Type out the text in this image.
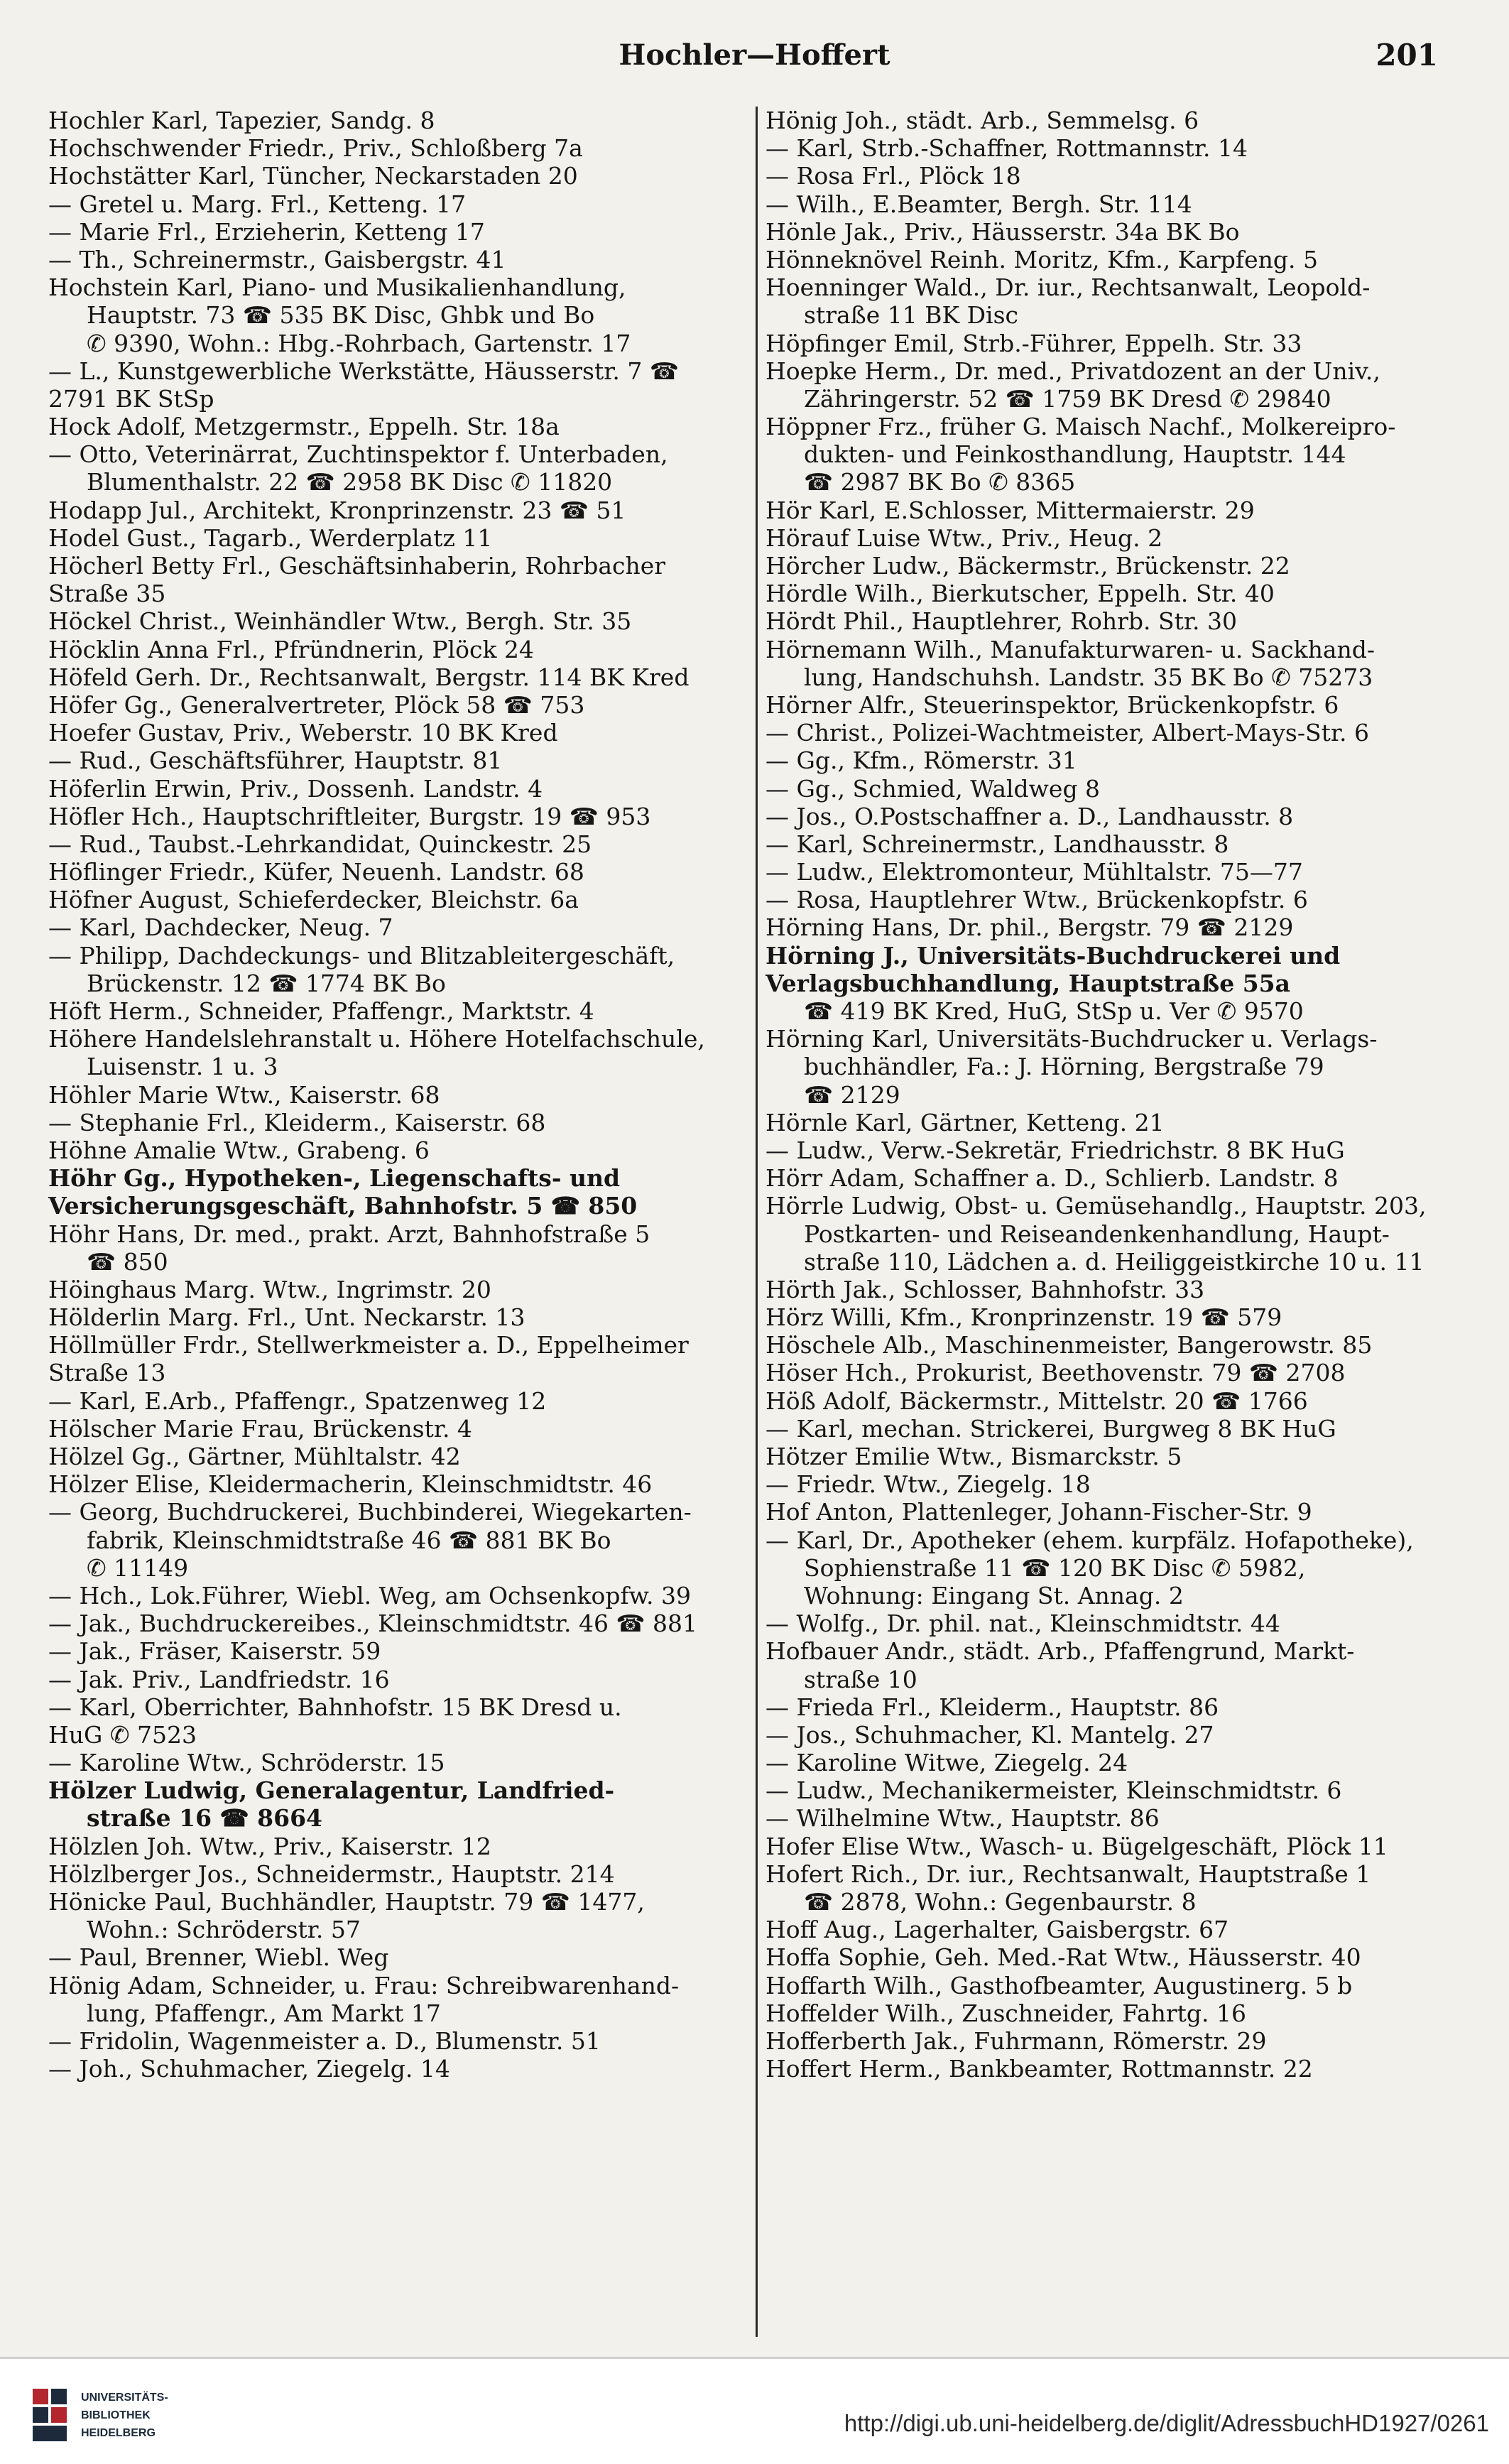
Hochler—Hoffert	201
Hochler Karl, Tapezier, Sandg. 8
Hochschwender Friedr., Priv., Schloßberg 7a
Hochstätter Karl, Tüncher, Neckarstaden 20
— Gretel u. Marg. Frl., Ketteng. 17
— Marie Frl., Erzieherin, Ketteng 17
— Th., Schreinermstr., Gaisbergstr. 41
Hochstein Karl, Piano- und Musikalienhandlung,
Hauptstr. 73 ☎ 535 BK Disc, Ghbk und Bo
✆ 9390, Wohn.: Hbg.-Rohrbach, Gartenstr. 17
— L., Kunstgewerbliche Werkstätte, Häusserstr. 7 ☎
2791 BK StSp
Hock Adolf, Metzgermstr., Eppelh. Str. 18a
— Otto, Veterinärrat, Zuchtinspektor f. Unterbaden,
Blumenthalstr. 22 ☎ 2958 BK Disc ✆ 11820
Hodapp Jul., Architekt, Kronprinzenstr. 23 ☎ 51
Hodel Gust., Tagarb., Werderplatz 11
Höcherl Betty Frl., Geschäftsinhaberin, Rohrbacher
Straße 35
Höckel Christ., Weinhändler Wtw., Bergh. Str. 35
Höcklin Anna Frl., Pfründnerin, Plöck 24
Höfeld Gerh. Dr., Rechtsanwalt, Bergstr. 114 BK Kred
Höfer Gg., Generalvertreter, Plöck 58 ☎ 753
Hoefer Gustav, Priv., Weberstr. 10 BK Kred
— Rud., Geschäftsführer, Hauptstr. 81
Höferlin Erwin, Priv., Dossenh. Landstr. 4
Höfler Hch., Hauptschriftleiter, Burgstr. 19 ☎ 953
— Rud., Taubst.-Lehrkandidat, Quinckestr. 25
Höflinger Friedr., Küfer, Neuenh. Landstr. 68
Höfner August, Schieferdecker, Bleichstr. 6a
— Karl, Dachdecker, Neug. 7
— Philipp, Dachdeckungs- und Blitzableitergeschäft,
Brückenstr. 12 ☎ 1774 BK Bo
Höft Herm., Schneider, Pfaffengr., Marktstr. 4
Höhere Handelslehranstalt u. Höhere Hotelfachschule,
Luisenstr. 1 u. 3
Höhler Marie Wtw., Kaiserstr. 68
— Stephanie Frl., Kleiderm., Kaiserstr. 68
Höhne Amalie Wtw., Grabeng. 6
Höhr Gg., Hypotheken-, Liegenschafts- und
Versicherungsgeschäft, Bahnhofstr. 5 ☎ 850
Höhr Hans, Dr. med., prakt. Arzt, Bahnhofstraße 5
☎ 850
Höinghaus Marg. Wtw., Ingrimstr. 20
Hölderlin Marg. Frl., Unt. Neckarstr. 13
Höllmüller Frdr., Stellwerkmeister a. D., Eppelheimer
Straße 13
— Karl, E.Arb., Pfaffengr., Spatzenweg 12
Hölscher Marie Frau, Brückenstr. 4
Hölzel Gg., Gärtner, Mühltalstr. 42
Hölzer Elise, Kleidermacherin, Kleinschmidtstr. 46
— Georg, Buchdruckerei, Buchbinderei, Wiegekarten-
fabrik, Kleinschmidtstraße 46 ☎ 881 BK Bo
✆ 11149
— Hch., Lok.Führer, Wiebl. Weg, am Ochsenkopfw. 39
— Jak., Buchdruckereibes., Kleinschmidtstr. 46 ☎ 881
— Jak., Fräser, Kaiserstr. 59
— Jak. Priv., Landfriedstr. 16
— Karl, Oberrichter, Bahnhofstr. 15 BK Dresd u.
HuG ✆ 7523
— Karoline Wtw., Schröderstr. 15
Hölzer Ludwig, Generalagentur, Landfried-
straße 16 ☎ 8664
Hölzlen Joh. Wtw., Priv., Kaiserstr. 12
Hölzlberger Jos., Schneidermstr., Hauptstr. 214
Hönicke Paul, Buchhändler, Hauptstr. 79 ☎ 1477,
Wohn.: Schröderstr. 57
— Paul, Brenner, Wiebl. Weg
Hönig Adam, Schneider, u. Frau: Schreibwarenhand-
lung, Pfaffengr., Am Markt 17
— Fridolin, Wagenmeister a. D., Blumenstr. 51
— Joh., Schuhmacher, Ziegelg. 14
Hönig Joh., städt. Arb., Semmelsg. 6
— Karl, Strb.-Schaffner, Rottmannstr. 14
— Rosa Frl., Plöck 18
— Wilh., E.Beamter, Bergh. Str. 114
Hönle Jak., Priv., Häusserstr. 34a BK Bo
Hönneknövel Reinh. Moritz, Kfm., Karpfeng. 5
Hoenninger Wald., Dr. iur., Rechtsanwalt, Leopold-
straße 11 BK Disc
Höpfinger Emil, Strb.-Führer, Eppelh. Str. 33
Hoepke Herm., Dr. med., Privatdozent an der Univ.,
Zähringerstr. 52 ☎ 1759 BK Dresd ✆ 29840
Höppner Frz., früher G. Maisch Nachf., Molkereipro-
dukten- und Feinkosthandlung, Hauptstr. 144
☎ 2987 BK Bo ✆ 8365
Hör Karl, E.Schlosser, Mittermaierstr. 29
Hörauf Luise Wtw., Priv., Heug. 2
Hörcher Ludw., Bäckermstr., Brückenstr. 22
Hördle Wilh., Bierkutscher, Eppelh. Str. 40
Hördt Phil., Hauptlehrer, Rohrb. Str. 30
Hörnemann Wilh., Manufakturwaren- u. Sackhand-
lung, Handschuhsh. Landstr. 35 BK Bo ✆ 75273
Hörner Alfr., Steuerinspektor, Brückenkopfstr. 6
— Christ., Polizei-Wachtmeister, Albert-Mays-Str. 6
— Gg., Kfm., Römerstr. 31
— Gg., Schmied, Waldweg 8
— Jos., O.Postschaffner a. D., Landhausstr. 8
— Karl, Schreinermstr., Landhausstr. 8
— Ludw., Elektromonteur, Mühltalstr. 75—77
— Rosa, Hauptlehrer Wtw., Brückenkopfstr. 6
Hörning Hans, Dr. phil., Bergstr. 79 ☎ 2129
Hörning J., Universitäts-Buchdruckerei und
Verlagsbuchhandlung, Hauptstraße 55a
☎ 419 BK Kred, HuG, StSp u. Ver ✆ 9570
Hörning Karl, Universitäts-Buchdrucker u. Verlags-
buchhändler, Fa.: J. Hörning, Bergstraße 79
☎ 2129
Hörnle Karl, Gärtner, Ketteng. 21
— Ludw., Verw.-Sekretär, Friedrichstr. 8 BK HuG
Hörr Adam, Schaffner a. D., Schlierb. Landstr. 8
Hörrle Ludwig, Obst- u. Gemüsehandlg., Hauptstr. 203,
Postkarten- und Reiseandenkenhandlung, Haupt-
straße 110, Lädchen a. d. Heiliggeistkirche 10 u. 11
Hörth Jak., Schlosser, Bahnhofstr. 33
Hörz Willi, Kfm., Kronprinzenstr. 19 ☎ 579
Höschele Alb., Maschinenmeister, Bangerowstr. 85
Höser Hch., Prokurist, Beethovenstr. 79 ☎ 2708
Höß Adolf, Bäckermstr., Mittelstr. 20 ☎ 1766
— Karl, mechan. Strickerei, Burgweg 8 BK HuG
Hötzer Emilie Wtw., Bismarckstr. 5
— Friedr. Wtw., Ziegelg. 18
Hof Anton, Plattenleger, Johann-Fischer-Str. 9
— Karl, Dr., Apotheker (ehem. kurpfälz. Hofapotheke),
Sophienstraße 11 ☎ 120 BK Disc ✆ 5982,
Wohnung: Eingang St. Annag. 2
— Wolfg., Dr. phil. nat., Kleinschmidtstr. 44
Hofbauer Andr., städt. Arb., Pfaffengrund, Markt-
straße 10
— Frieda Frl., Kleiderm., Hauptstr. 86
— Jos., Schuhmacher, Kl. Mantelg. 27
— Karoline Witwe, Ziegelg. 24
— Ludw., Mechanikermeister, Kleinschmidtstr. 6
— Wilhelmine Wtw., Hauptstr. 86
Hofer Elise Wtw., Wasch- u. Bügelgeschäft, Plöck 11
Hofert Rich., Dr. iur., Rechtsanwalt, Hauptstraße 1
☎ 2878, Wohn.: Gegenbaurstr. 8
Hoff Aug., Lagerhalter, Gaisbergstr. 67
Hoffa Sophie, Geh. Med.-Rat Wtw., Häusserstr. 40
Hoffarth Wilh., Gasthofbeamter, Augustinerg. 5 b
Hoffelder Wilh., Zuschneider, Fahrtg. 16
Hofferberth Jak., Fuhrmann, Römerstr. 29
Hoffert Herm., Bankbeamter, Rottmannstr. 22
UNIVERSITÄTS-
BIBLIOTHEK
HEIDELBERG	http://digi.ub.uni-heidelberg.de/diglit/AdressbuchHD1927/0261
